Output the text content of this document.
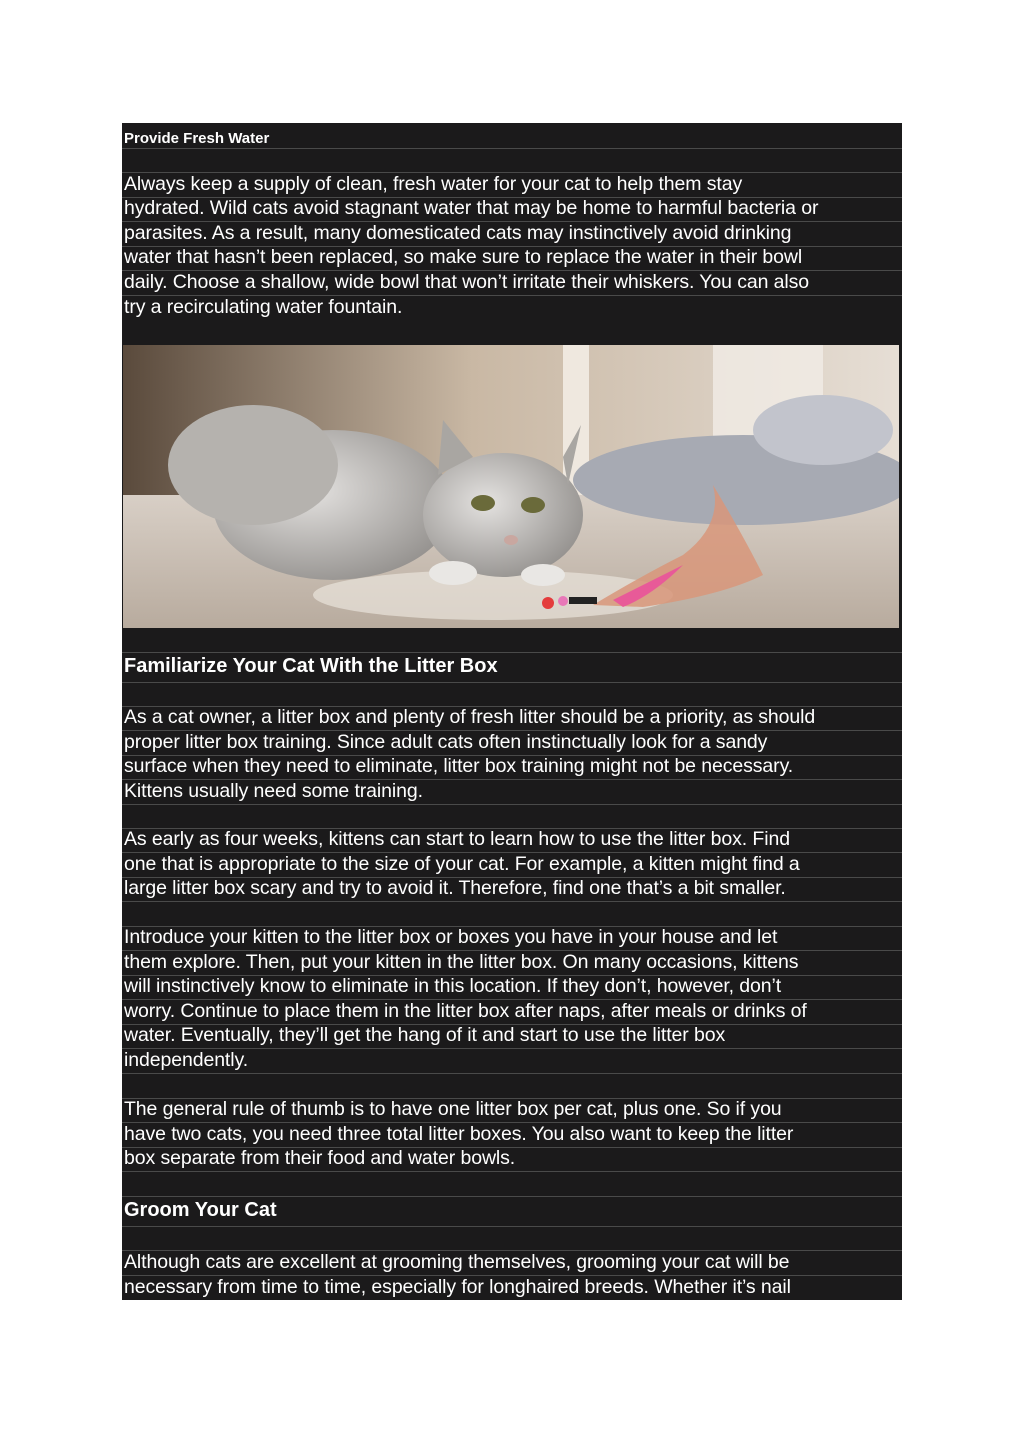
Provide Fresh Water
Always keep a supply of clean, fresh water for your cat to help them stay
hydrated. Wild cats avoid stagnant water that may be home to harmful bacteria or
parasites. As a result, many domesticated cats may instinctively avoid drinking
water that hasn’t been replaced, so make sure to replace the water in their bowl
daily. Choose a shallow, wide bowl that won’t irritate their whiskers. You can also
try a recirculating water fountain.
Familiarize Your Cat With the Litter Box
As a cat owner, a litter box and plenty of fresh litter should be a priority, as should
proper litter box training. Since adult cats often instinctually look for a sandy
surface when they need to eliminate, litter box training might not be necessary.
Kittens usually need some training.
As early as four weeks, kittens can start to learn how to use the litter box. Find
one that is appropriate to the size of your cat. For example, a kitten might find a
large litter box scary and try to avoid it. Therefore, find one that’s a bit smaller.
Introduce your kitten to the litter box or boxes you have in your house and let
them explore. Then, put your kitten in the litter box. On many occasions, kittens
will instinctively know to eliminate in this location. If they don’t, however, don’t
worry. Continue to place them in the litter box after naps, after meals or drinks of
water. Eventually, they’ll get the hang of it and start to use the litter box
independently.
The general rule of thumb is to have one litter box per cat, plus one. So if you
have two cats, you need three total litter boxes. You also want to keep the litter
box separate from their food and water bowls.
Groom Your Cat
Although cats are excellent at grooming themselves, grooming your cat will be
necessary from time to time, especially for longhaired breeds. Whether it’s nail
